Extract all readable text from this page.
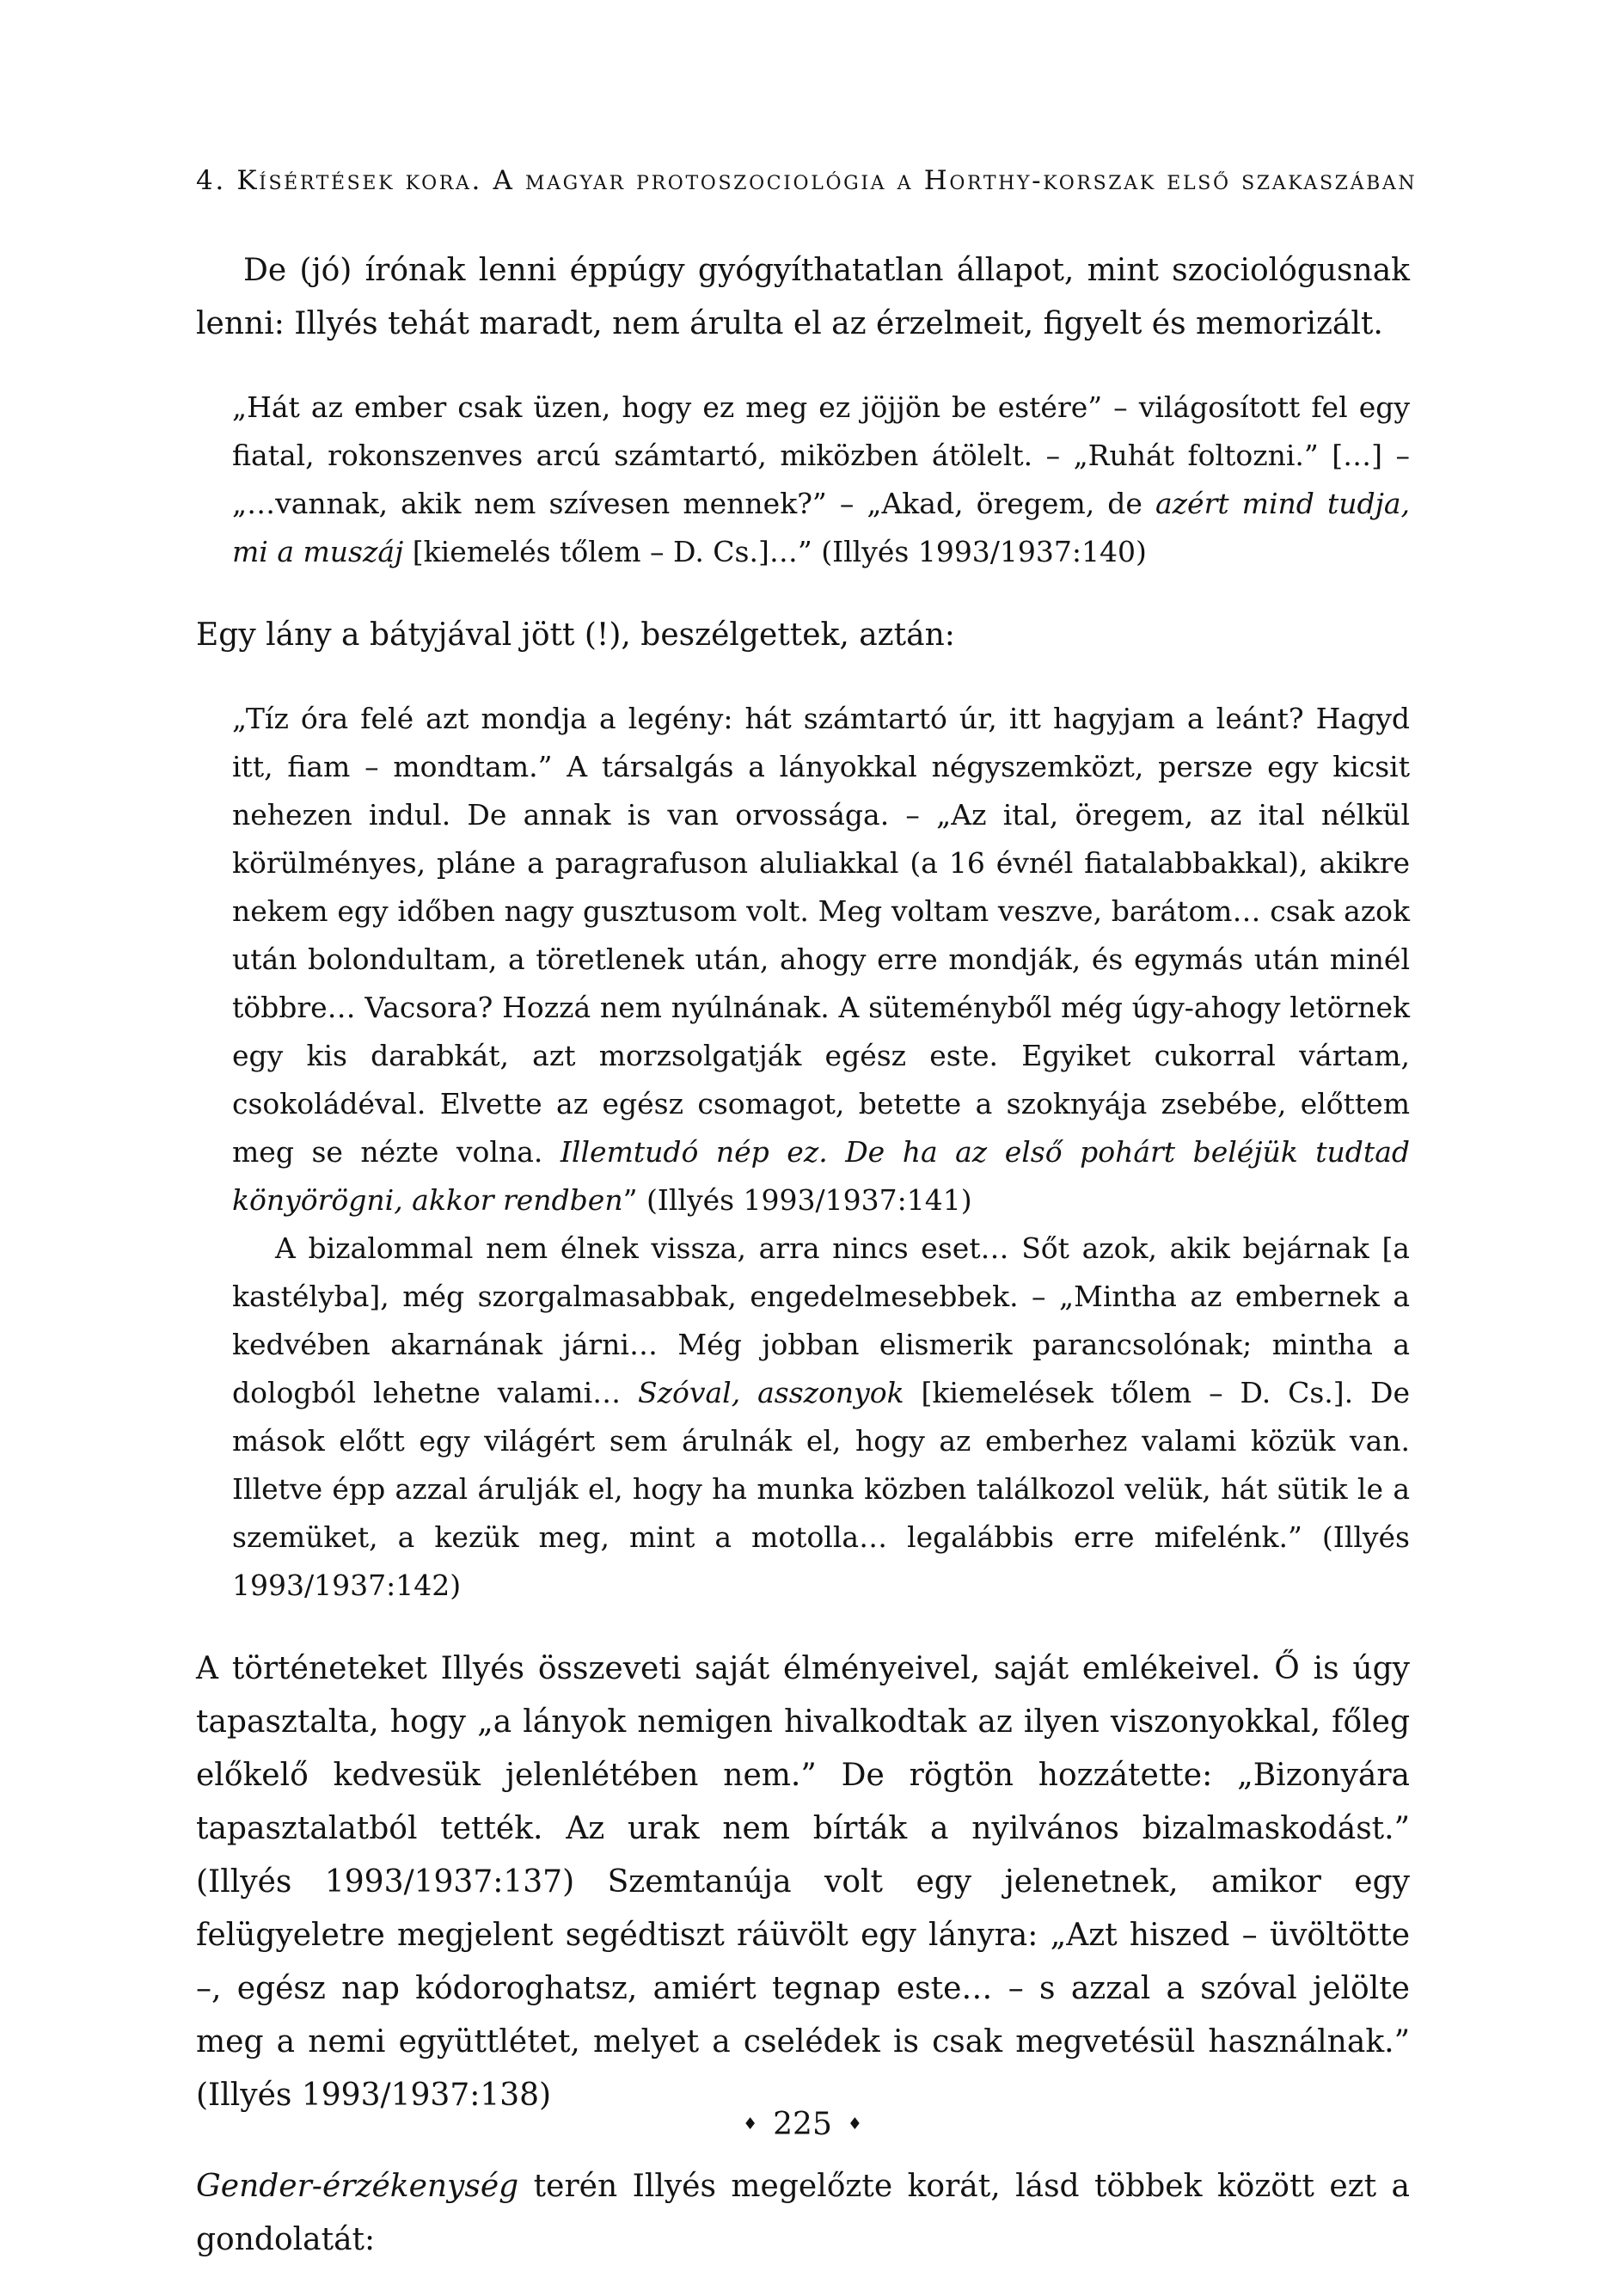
4. Kísértések kora. A magyar protoszociológia a Horthy-korszak első szakaszában

De (jó) írónak lenni éppúgy gyógyíthatatlan állapot, mint szociológusnak lenni: Illyés tehát maradt, nem árulta el az érzelmeit, figyelt és memorizált.

„Hát az ember csak üzen, hogy ez meg ez jöjjön be estére” – világosított fel egy fiatal, rokonszenves arcú számtartó, miközben átölelt. – „Ruhát foltozni.” […] – „…vannak, akik nem szívesen mennek?” – „Akad, öregem, de azért mind tudja, mi a muszáj [kiemelés tőlem – D. Cs.]…” (Illyés 1993/1937:140)

Egy lány a bátyjával jött (!), beszélgettek, aztán:

„Tíz óra felé azt mondja a legény: hát számtartó úr, itt hagyjam a leánt? Hagyd itt, fiam – mondtam.” A társalgás a lányokkal négyszemközt, persze egy kicsit nehezen indul. De annak is van orvossága. – „Az ital, öregem, az ital nélkül körülményes, pláne a paragrafuson aluliakkal (a 16 évnél fiatalabbakkal), akikre nekem egy időben nagy gusztusom volt. Meg voltam veszve, barátom… csak azok után bolondultam, a töretlenek után, ahogy erre mondják, és egymás után minél többre… Vacsora? Hozzá nem nyúlnának. A süteményből még úgy-ahogy letörnek egy kis darabkát, azt morzsolgatják egész este. Egyiket cukorral vártam, csokoládéval. Elvette az egész csomagot, betette a szoknyája zsebébe, előttem meg se nézte volna. Illemtudó nép ez. De ha az első pohárt beléjük tudtad könyörögni, akkor rendben” (Illyés 1993/1937:141)

A bizalommal nem élnek vissza, arra nincs eset… Sőt azok, akik bejárnak [a kastélyba], még szorgalmasabbak, engedelmesebbek. – „Mintha az embernek a kedvében akarnának járni… Még jobban elismerik parancsolónak; mintha a dologból lehetne valami… Szóval, asszonyok [kiemelések tőlem – D. Cs.]. De mások előtt egy világért sem árulnák el, hogy az emberhez valami közük van. Illetve épp azzal árulják el, hogy ha munka közben találkozol velük, hát sütik le a szemüket, a kezük meg, mint a motolla… legalábbis erre mifelénk.” (Illyés 1993/1937:142)

A történeteket Illyés összeveti saját élményeivel, saját emlékeivel. Ő is úgy tapasztalta, hogy „a lányok nemigen hivalkodtak az ilyen viszonyokkal, főleg előkelő kedvesük jelenlétében nem.” De rögtön hozzátette: „Bizonyára tapasztalatból tették. Az urak nem bírták a nyilvános bizalmaskodást.” (Illyés 1993/1937:137) Szemtanúja volt egy jelenetnek, amikor egy felügyeletre megjelent segédtiszt ráüvölt egy lányra: „Azt hiszed – üvöltötte –, egész nap kódoroghatsz, amiért tegnap este… – s azzal a szóval jelölte meg a nemi együttlétet, melyet a cselédek is csak megvetésül használnak.” (Illyés 1993/1937:138)

Gender-érzékenység terén Illyés megelőzte korát, lásd többek között ezt a gondolatát:

♦ 225 ♦
